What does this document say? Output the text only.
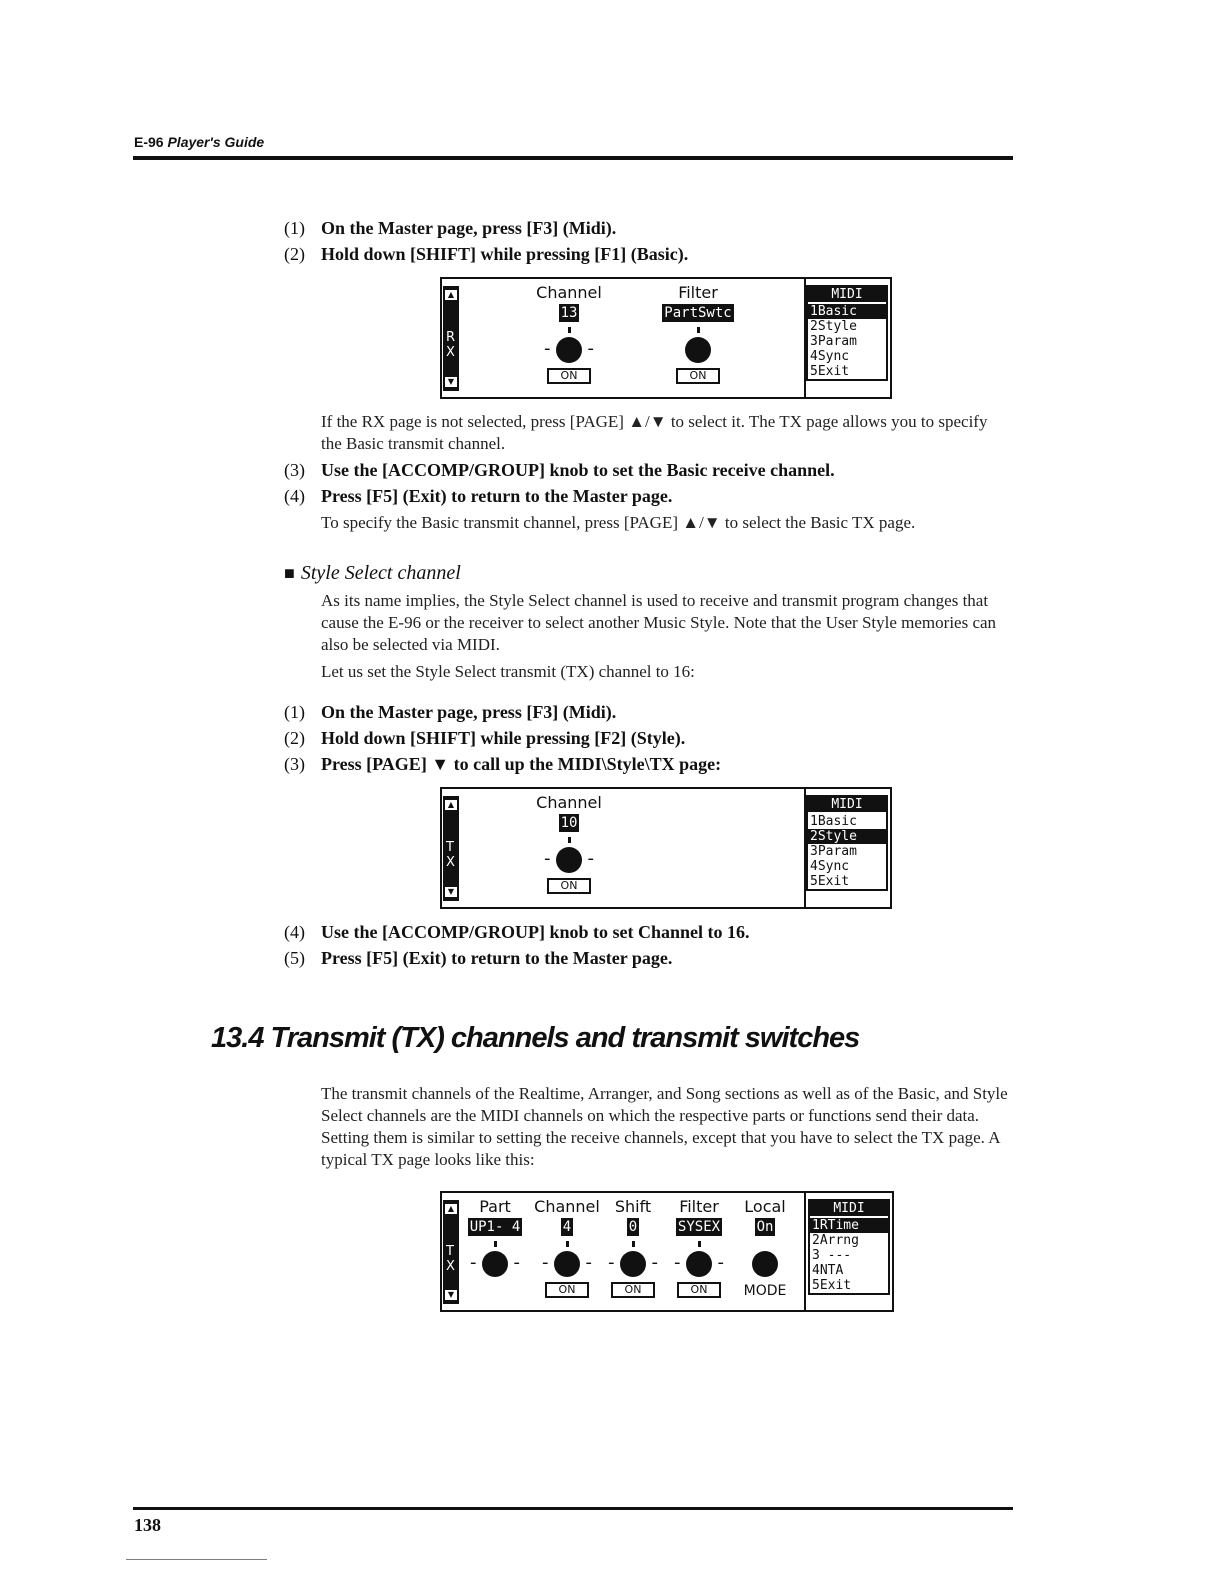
E-96 Player's Guide
(1) On the Master page, press [F3] (Midi).
(2) Hold down [SHIFT] while pressing [F1] (Basic).
▲
RX
▼
Channel
13
- -
ON
Filter
PartSwtc
ON
MIDI
1Basic
2Style
3Param
4Sync
5Exit
If the RX page is not selected, press [PAGE] ▲/▼ to select it. The TX page allows you to specify the Basic transmit channel.
(3) Use the [ACCOMP/GROUP] knob to set the Basic receive channel.
(4) Press [F5] (Exit) to return to the Master page.
To specify the Basic transmit channel, press [PAGE] ▲/▼ to select the Basic TX page.
■ Style Select channel
As its name implies, the Style Select channel is used to receive and transmit program changes that cause the E-96 or the receiver to select another Music Style. Note that the User Style memories can also be selected via MIDI.
Let us set the Style Select transmit (TX) channel to 16:
(1) On the Master page, press [F3] (Midi).
(2) Hold down [SHIFT] while pressing [F2] (Style).
(3) Press [PAGE] ▼ to call up the MIDI\Style\TX page:
▲
TX
▼
Channel
10
- -
ON
MIDI
1Basic
2Style
3Param
4Sync
5Exit
(4) Use the [ACCOMP/GROUP] knob to set Channel to 16.
(5) Press [F5] (Exit) to return to the Master page.
13.4 Transmit (TX) channels and transmit switches
The transmit channels of the Realtime, Arranger, and Song sections as well as of the Basic, and Style Select channels are the MIDI channels on which the respective parts or functions send their data. Setting them is similar to setting the receive channels, except that you have to select the TX page. A typical TX page looks like this:
▲
TX
▼
Part
UP1- 4
- -
Channel
4
- -
ON
Shift
0
- -
ON
Filter
SYSEX
- -
ON
Local
On
MODE
MIDI
1RTime
2Arrng
3 ---
4NTA
5Exit
138
